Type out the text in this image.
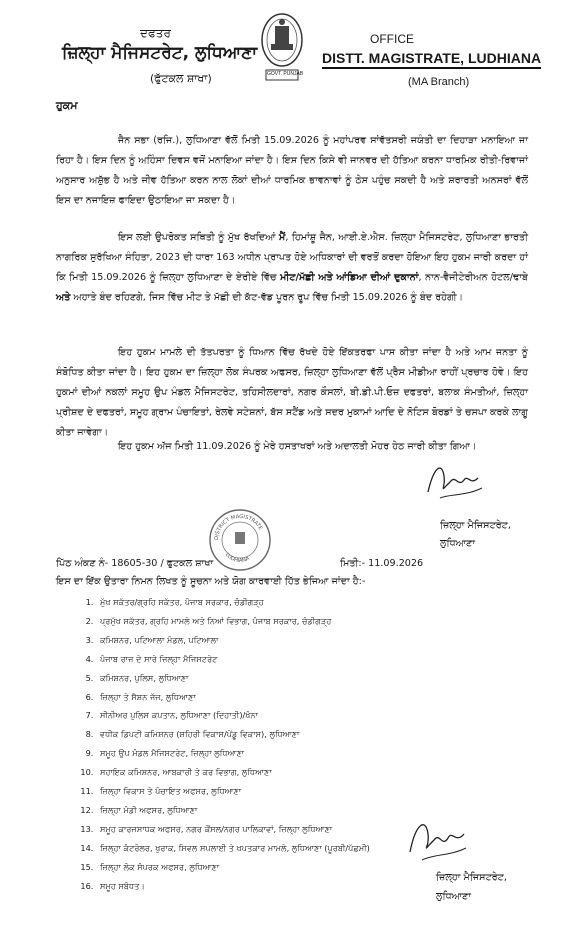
ਦਫਤਰ
ਜ਼ਿਲ੍ਹਾ ਮੈਜਿਸਟਰੇਟ, ਲੁਧਿਆਣਾ
(ਫੁੱਟਕਲ ਸ਼ਾਖਾ)	GOVT. PUNJAB
OFFICE
DISTT. MAGISTRATE, LUDHIANA
(MA Branch)
ਹੁਕਮ
ਜੈਨ ਸਭਾ (ਰਜਿ.), ਲੁਧਿਆਣਾ ਵੱਲੋਂ ਮਿਤੀ 15.09.2026 ਨੂੰ ਮਹਾਂਪਰਵ ਸਾਂਵੱਤਸਰੀ ਜਯੰਤੀ ਦਾ ਦਿਹਾੜਾ ਮਨਾਇਆ ਜਾ ਰਿਹਾ ਹੈ। ਇਸ ਦਿਨ ਨੂੰ ਅਹਿੰਸਾ ਦਿਵਸ ਵਜੋਂ ਮਨਾਇਆ ਜਾਂਦਾ ਹੈ। ਇਸ ਦਿਨ ਕਿਸੇ ਵੀ ਜਾਨਵਰ ਦੀ ਹੱਤਿਆ ਕਰਨਾ ਧਾਰਮਿਕ ਰੀਤੀ-ਰਿਵਾਜਾਂ ਅਨੁਸਾਰ ਅਸ਼ੁੱਭ ਹੈ ਅਤੇ ਜੀਵ ਹੱਤਿਆ ਕਰਨ ਨਾਲ ਲੋਕਾਂ ਦੀਆਂ ਧਾਰਮਿਕ ਭਾਵਨਾਵਾਂ ਨੂੰ ਠੇਸ ਪਹੁੰਚ ਸਕਦੀ ਹੈ ਅਤੇ ਸ਼ਰਾਰਤੀ ਅਨਸਰਾਂ ਵੱਲੋਂ ਇਸ ਦਾ ਨਜਾਇਜ਼ ਫਾਇਦਾ ਉਠਾਇਆ ਜਾ ਸਕਦਾ ਹੈ।
ਇਸ ਲਈ ਉਪਰੋਕਤ ਸਥਿਤੀ ਨੂੰ ਮੁੱਖ ਰੱਖਦਿਆਂ ਮੈਂ, ਹਿਮਾਂਸ਼ੂ ਜੈਨ, ਆਈ.ਏ.ਐਸ. ਜ਼ਿਲ੍ਹਾ ਮੈਜਿਸਟਰੇਟ, ਲੁਧਿਆਣਾ ਭਾਰਤੀ ਨਾਗਰਿਕ ਸੁਰੱਖਿਆ ਸੰਹਿਤਾ, 2023 ਦੀ ਧਾਰਾ 163 ਅਧੀਨ ਪ੍ਰਾਪਤ ਹੋਏ ਅਧਿਕਾਰਾਂ ਦੀ ਵਰਤੋਂ ਕਰਦਾ ਹੋਇਆ ਇਹ ਹੁਕਮ ਜਾਰੀ ਕਰਦਾ ਹਾਂ ਕਿ ਮਿਤੀ 15.09.2026 ਨੂੰ ਜ਼ਿਲ੍ਹਾ ਲੁਧਿਆਣਾ ਦੇ ਏਰੀਏ ਵਿੱਚ ਮੀਟ/ਮੱਛੀ ਅਤੇ ਆਂਡਿਆ ਦੀਆਂ ਦੁਕਾਨਾਂ, ਨਾਨ-ਵੈਜੀਟੇਰੀਅਨ ਹੋਟਲ/ਢਾਬੇ ਅਤੇ ਅਹਾਤੇ ਬੰਦ ਰਹਿਣਗੇ, ਜਿਸ ਵਿੱਚ ਮੀਟ ਤੇ ਮੱਛੀ ਦੀ ਕੱਟ-ਵੱਡ ਪੂਰਨ ਰੂਪ ਵਿੱਚ ਮਿਤੀ 15.09.2026 ਨੂੰ ਬੰਦ ਰਹੇਗੀ।
ਇਹ ਹੁਕਮ ਮਾਮਲੇ ਦੀ ਤੱਤਪਰਤਾ ਨੂੰ ਧਿਆਨ ਵਿੱਚ ਰੱਖਦੇ ਹੋਏ ਇੱਕਤਰਫਾ ਪਾਸ ਕੀਤਾ ਜਾਂਦਾ ਹੈ ਅਤੇ ਆਮ ਜਨਤਾ ਨੂੰ ਸੰਬੋਧਿਤ ਕੀਤਾ ਜਾਂਦਾ ਹੈ। ਇਹ ਹੁਕਮ ਦਾ ਜ਼ਿਲ੍ਹਾ ਲੋਕ ਸੰਪਰਕ ਅਫਸਰ, ਜ਼ਿਲ੍ਹਾ ਲੁਧਿਆਣਾ ਵੱਲੋਂ ਪ੍ਰੈਸ ਮੀਡੀਆ ਰਾਹੀਂ ਪ੍ਰਚਾਰ ਹੋਵੇ। ਇਹ ਹੁਕਮਾਂ ਦੀਆਂ ਨਕਲਾਂ ਸਮੂਹ ਉਪ ਮੰਡਲ ਮੈਜਿਸਟਰੇਟ, ਤਹਿਸੀਲਦਾਰਾਂ, ਨਗਰ ਕੌਸਲਾਂ, ਬੀ.ਡੀ.ਪੀ.ਓਜ਼ ਦਫਤਰਾਂ, ਬਲਾਕ ਸੰਮਤੀਆਂ, ਜ਼ਿਲ੍ਹਾ ਪ੍ਰੀਸ਼ਦ ਦੇ ਦਫਤਰਾਂ, ਸਮੂਹ ਗ੍ਰਾਮ ਪੰਚਾਇਤਾਂ, ਰੇਲਵੇ ਸਟੇਸ਼ਨਾਂ, ਬੱਸ ਸਟੈਂਡ ਅਤੇ ਸਦਰ ਮੁਕਾਮਾਂ ਆਦਿ ਦੇ ਨੋਟਿਸ ਬੋਰਡਾਂ ਤੇ ਚਸਪਾ ਕਰਕੇ ਲਾਗੂ ਕੀਤਾ ਜਾਵੇਗਾ।
ਇਹ ਹੁਕਮ ਅੱਜ ਮਿਤੀ 11.09.2026 ਨੂੰ ਮੇਰੇ ਹਸਤਾਖਰਾਂ ਅਤੇ ਅਦਾਲਤੀ ਮੋਹਰ ਹੇਠ ਜਾਰੀ ਕੀਤਾ ਗਿਆ।
ਜ਼ਿਲ੍ਹਾ ਮੈਜਿਸਟਰੇਟ,
ਲੁਧਿਆਣਾ
DISTRICT MAGISTRATE
LUDHIANA
ਪਿੱਠ ਅੰਕਣ ਨੰ- 18605-30 / ਫੁਟਕਲ ਸ਼ਾਖਾ	ਮਿਤੀ:- 11.09.2026
ਇਸ ਦਾ ਇੱਕ ਉਤਾਰਾ ਨਿਮਨ ਲਿਖਤ ਨੂੰ ਸੂਚਨਾ ਅਤੇ ਯੋਗ ਕਾਰਵਾਈ ਹਿੱਤ ਭੇਜਿਆ ਜਾਂਦਾ ਹੈ:-
1. ਮੁੱਖ ਸਕੱਤਰ/ਗ੍ਰਹਿ ਸਕੱਤਰ, ਪੰਜਾਬ ਸਰਕਾਰ, ਚੰਡੀਗੜ੍ਹ
2. ਪ੍ਰਮੁੱਖ ਸਕੱਤਰ, ਗ੍ਰਹਿ ਮਾਮਲੇ ਅਤੇ ਨਿਆਂ ਵਿਭਾਗ, ਪੰਜਾਬ ਸਰਕਾਰ, ਚੰਡੀਗੜ੍ਹ
3. ਕਮਿਸ਼ਨਰ, ਪਟਿਆਲਾ ਮੰਡਲ, ਪਟਿਆਲਾ
4. ਪੰਜਾਬ ਰਾਜ ਦੇ ਸਾਰੇ ਜ਼ਿਲ੍ਹਾ ਮੈਜਿਸਟਰੇਟ
5. ਕਮਿਸ਼ਨਰ, ਪੁਲਿਸ, ਲੁਧਿਆਣਾ
6. ਜ਼ਿਲ੍ਹਾ ਤੇ ਸੈਸ਼ਨ ਜੱਜ, ਲੁਧਿਆਣਾ
7. ਸੀਨੀਅਰ ਪੁਲਿਸ ਕਪਤਾਨ, ਲੁਧਿਆਣਾ (ਦਿਹਾਤੀ)/ਖੰਨਾ
8. ਵਧੀਕ ਡਿਪਟੀ ਕਮਿਸ਼ਨਰ (ਸ਼ਹਿਰੀ ਵਿਕਾਸ/ਪੇਂਡੂ ਵਿਕਾਸ), ਲੁਧਿਆਣਾ
9. ਸਮੂਹ ਉਪ ਮੰਡਲ ਮੈਜਿਸਟਰੇਟ, ਜ਼ਿਲ੍ਹਾ ਲੁਧਿਆਣਾ
10. ਸਹਾਇਕ ਕਮਿਸ਼ਨਰ, ਆਬਕਾਰੀ ਤੇ ਕਰ ਵਿਭਾਗ, ਲੁਧਿਆਣਾ
11. ਜ਼ਿਲ੍ਹਾ ਵਿਕਾਸ ਤੇ ਪੰਚਾਇਤ ਅਫਸਰ, ਲੁਧਿਆਣਾ
12. ਜ਼ਿਲ੍ਹਾ ਮੰਡੀ ਅਫਸਰ, ਲੁਧਿਆਣਾ
13. ਸਮੂਹ ਕਾਰਜਸਾਧਕ ਅਫਸਰ, ਨਗਰ ਕੌਂਸਲ/ਨਗਰ ਪਾਲਿਕਾਵਾਂ, ਜ਼ਿਲ੍ਹਾ ਲੁਧਿਆਣਾ
14. ਜ਼ਿਲ੍ਹਾ ਕੰਟਰੋਲਰ, ਖੁਰਾਕ, ਸਿਵਲ ਸਪਲਾਈ ਤੇ ਖਪਤਕਾਰ ਮਾਮਲੇ, ਲੁਧਿਆਣਾ (ਪੂਰਬੀ/ਪੱਛਮੀ)
15. ਜ਼ਿਲ੍ਹਾ ਲੋਕ ਸੰਪਰਕ ਅਫਸਰ, ਲੁਧਿਆਣਾ
16. ਸਮੂਹ ਸਬੰਧਤ।
ਜ਼ਿਲ੍ਹਾ ਮੈਜਿਸਟਰੇਟ,
ਲੁਧਿਆਣਾ
